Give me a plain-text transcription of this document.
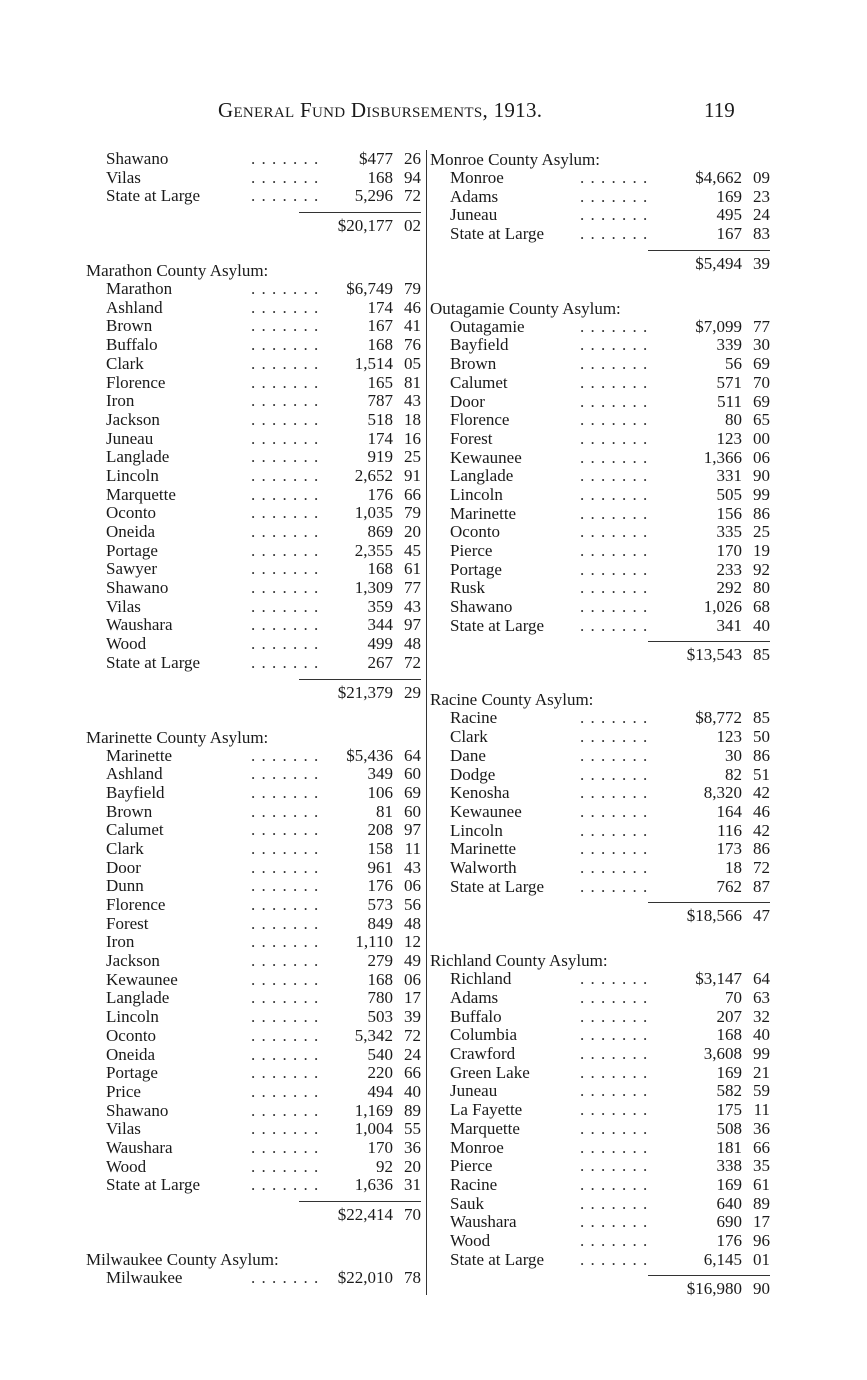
General Fund Disbursements, 1913.	119
Shawano	. . . . . . . $477 26
Vilas	. . . . . . .	168 94
State at Large	. . . . . . . 5,296 72
$20,177 02
Marathon County Asylum:
Marathon	. . . . . . . $6,749 79
Ashland	. . . . . . .	174 46
Brown	. . . . . . .	167 41
Buffalo	. . . . . . .	168 76
Clark	. . . . . . . 1,514 05
Florence	. . . . . . .	165 81
Iron	. . . . . . .	787 43
Jackson	. . . . . . .	518 18
Juneau	. . . . . . .	174 16
Langlade	. . . . . . .	919 25
Lincoln	. . . . . . . 2,652 91
Marquette	. . . . . . .	176 66
Oconto	. . . . . . . 1,035 79
Oneida	. . . . . . .	869 20
Portage	. . . . . . . 2,355 45
Sawyer	. . . . . . .	168 61
Shawano	. . . . . . . 1,309 77
Vilas	. . . . . . .	359 43
Waushara	. . . . . . .	344 97
Wood	. . . . . . .	499 48
State at Large	. . . . . . .	267 72
$21,379 29
Marinette County Asylum:
Marinette	. . . . . . . $5,436 64
Ashland	. . . . . . .	349 60
Bayfield	. . . . . . .	106 69
Brown	. . . . . . .	81 60
Calumet	. . . . . . .	208 97
Clark	. . . . . . .	158 11
Door	. . . . . . .	961 43
Dunn	. . . . . . .	176 06
Florence	. . . . . . .	573 56
Forest	. . . . . . .	849 48
Iron	. . . . . . . 1,110 12
Jackson	. . . . . . .	279 49
Kewaunee	. . . . . . .	168 06
Langlade	. . . . . . .	780 17
Lincoln	. . . . . . .	503 39
Oconto	. . . . . . . 5,342 72
Oneida	. . . . . . .	540 24
Portage	. . . . . . .	220 66
Price	. . . . . . .	494 40
Shawano	. . . . . . . 1,169 89
Vilas	. . . . . . . 1,004 55
Waushara	. . . . . . .	170 36
Wood	. . . . . . .	92 20
State at Large	. . . . . . . 1,636 31
$22,414 70
Milwaukee County Asylum:
Milwaukee	. . . . . . . $22,010 78
Monroe County Asylum:
Monroe	. . . . . . .	$4,662 09
Adams	. . . . . . .	169 23
Juneau	. . . . . . .	495 24
State at Large . . . . . . .	167 83
$5,494 39
Outagamie County Asylum:
Outagamie	. . . . . . .	$7,099 77
Bayfield	. . . . . . .	339 30
Brown	. . . . . . .	56 69
Calumet	. . . . . . .	571 70
Door	. . . . . . .	511 69
Florence	. . . . . . .	80 65
Forest	. . . . . . .	123 00
Kewaunee	. . . . . . .	1,366 06
Langlade	. . . . . . .	331 90
Lincoln	. . . . . . .	505 99
Marinette	. . . . . . .	156 86
Oconto	. . . . . . .	335 25
Pierce	. . . . . . .	170 19
Portage	. . . . . . .	233 92
Rusk	. . . . . . .	292 80
Shawano	. . . . . . .	1,026 68
State at Large . . . . . . .	341 40
$13,543 85
Racine County Asylum:
Racine	. . . . . . .	$8,772 85
Clark	. . . . . . .	123 50
Dane	. . . . . . .	30 86
Dodge	. . . . . . .	82 51
Kenosha	. . . . . . .	8,320 42
Kewaunee	. . . . . . .	164 46
Lincoln	. . . . . . .	116 42
Marinette	. . . . . . .	173 86
Walworth	. . . . . . .	18 72
State at Large . . . . . . .	762 87
$18,566 47
Richland County Asylum:
Richland	. . . . . . .	$3,147 64
Adams	. . . . . . .	70 63
Buffalo	. . . . . . .	207 32
Columbia	. . . . . . .	168 40
Crawford	. . . . . . .	3,608 99
Green Lake	. . . . . . .	169 21
Juneau	. . . . . . .	582 59
La Fayette	. . . . . . .	175 11
Marquette	. . . . . . .	508 36
Monroe	. . . . . . .	181 66
Pierce	. . . . . . .	338 35
Racine	. . . . . . .	169 61
Sauk	. . . . . . .	640 89
Waushara	. . . . . . .	690 17
Wood	. . . . . . .	176 96
State at Large . . . . . . .	6,145 01
$16,980 90
